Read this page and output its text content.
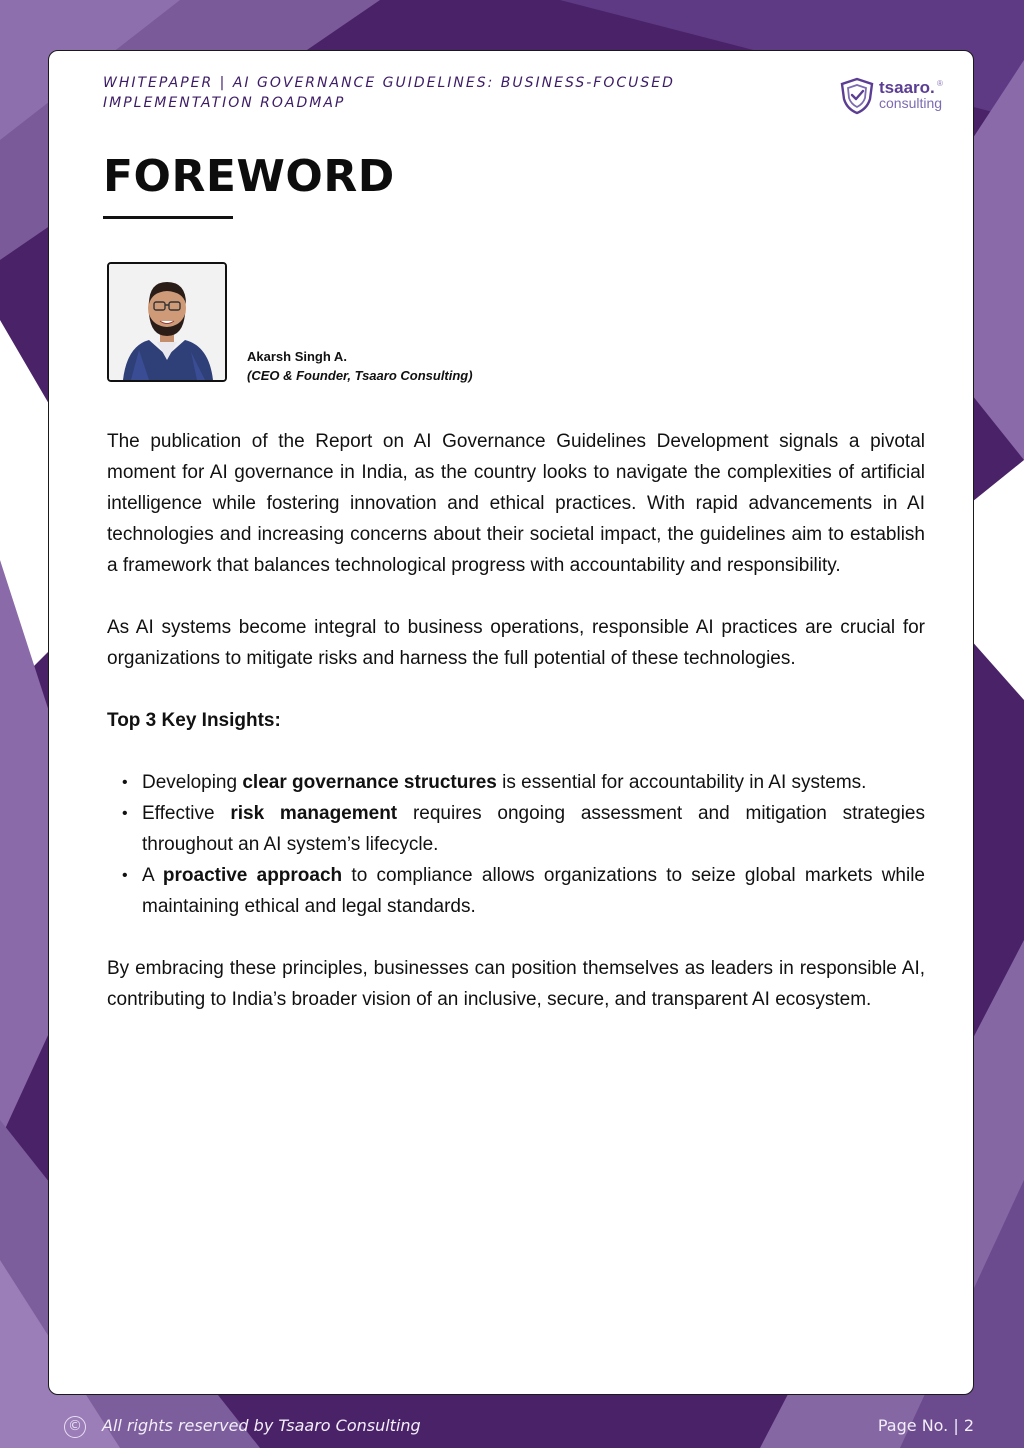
WHITEPAPER | AI GOVERNANCE GUIDELINES: BUSINESS-FOCUSED IMPLEMENTATION ROADMAP
tsaaro. ®
consulting
FOREWORD
Akarsh Singh A.
(CEO & Founder, Tsaaro Consulting)

The publication of the Report on AI Governance Guidelines Development signals a pivotal moment for AI governance in India, as the country looks to navigate the complexities of artificial intelligence while fostering innovation and ethical practices. With rapid advancements in AI technologies and increasing concerns about their societal impact, the guidelines aim to establish a framework that balances technological progress with accountability and responsibility.

As AI systems become integral to business operations, responsible AI practices are crucial for organizations to mitigate risks and harness the full potential of these technologies.

Top 3 Key Insights:
• Developing clear governance structures is essential for accountability in AI systems.
• Effective risk management requires ongoing assessment and mitigation strategies throughout an AI system’s lifecycle.
• A proactive approach to compliance allows organizations to seize global markets while maintaining ethical and legal standards.

By embracing these principles, businesses can position themselves as leaders in responsible AI, contributing to India’s broader vision of an inclusive, secure, and transparent AI ecosystem.

© All rights reserved by Tsaaro Consulting	Page No. | 2
